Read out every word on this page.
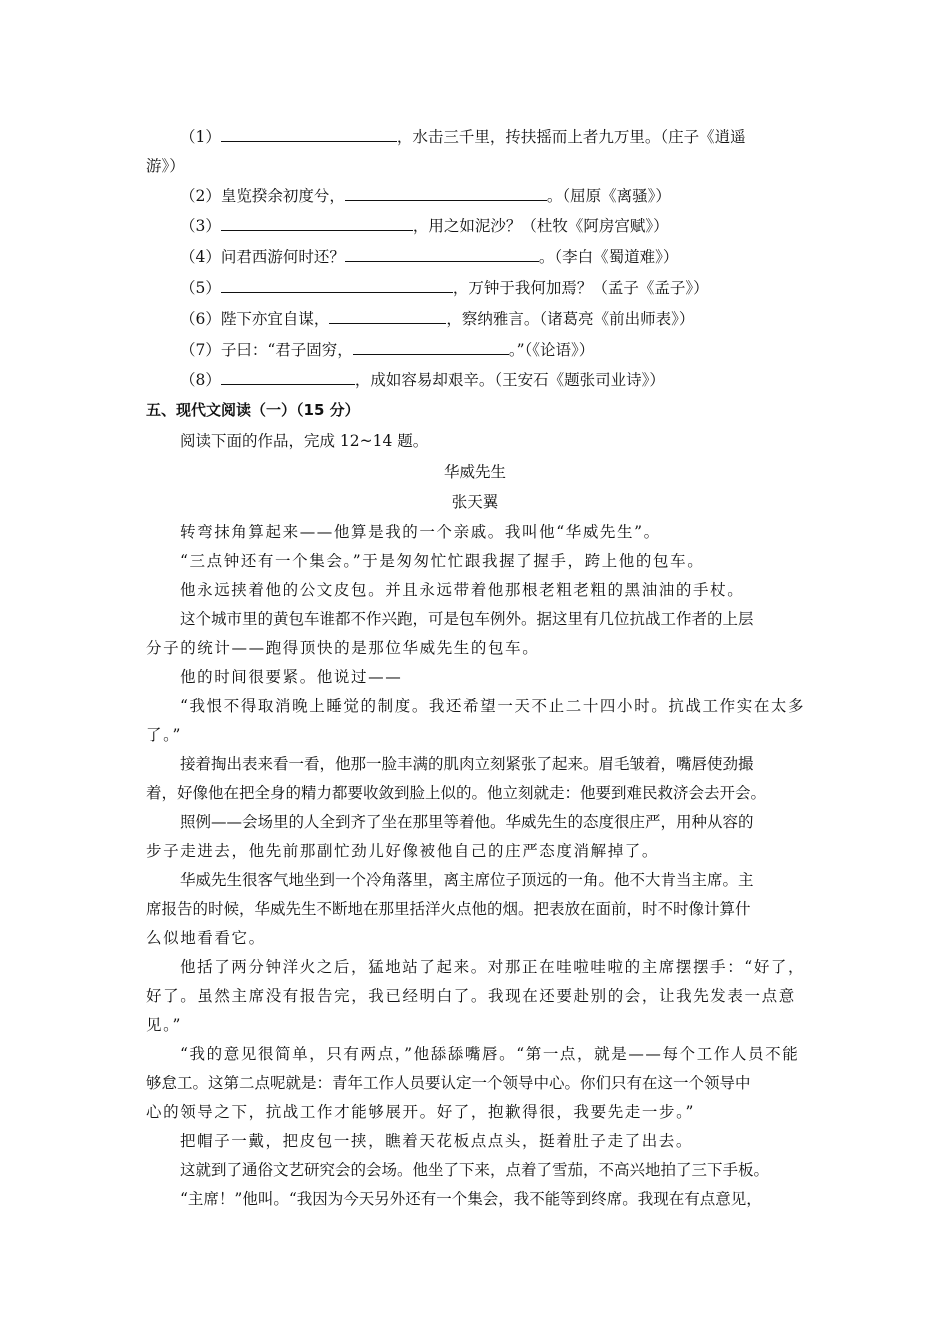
（1）	，水击三千里，抟扶摇而上者九万里。（庄子《逍遥
游》）
（2）皇览揆余初度兮，	。（屈原《离骚》）
（3）	，用之如泥沙？（杜牧《阿房宫赋》）
（4）问君西游何时还？	。（李白《蜀道难》）
（5）	，万钟于我何加焉？（孟子《孟子》）
（6）陛下亦宜自谋，	，察纳雅言。（诸葛亮《前出师表》）
（7）子曰：“君子固穷，	。”（《论语》）
（8）	，成如容易却艰辛。（王安石《题张司业诗》）
五、现代文阅读（一）（15 分）
阅读下面的作品，完成 12~14 题。
华威先生
张天翼
转弯抹角算起来——他算是我的一个亲戚。我叫他“华威先生”。
“三点钟还有一个集会。”于是匆匆忙忙跟我握了握手，跨上他的包车。
他永远挟着他的公文皮包。并且永远带着他那根老粗老粗的黑油油的手杖。
这个城市里的黄包车谁都不作兴跑，可是包车例外。据这里有几位抗战工作者的上层
分子的统计——跑得顶快的是那位华威先生的包车。
他的时间很要紧。他说过——
“我恨不得取消晚上睡觉的制度。我还希望一天不止二十四小时。抗战工作实在太多
了。”
接着掏出表来看一看，他那一脸丰满的肌肉立刻紧张了起来。眉毛皱着，嘴唇使劲撮
着，好像他在把全身的精力都要收敛到脸上似的。他立刻就走：他要到难民救济会去开会。
照例——会场里的人全到齐了坐在那里等着他。华威先生的态度很庄严，用种从容的
步子走进去，他先前那副忙劲儿好像被他自己的庄严态度消解掉了。
华威先生很客气地坐到一个冷角落里，离主席位子顶远的一角。他不大肯当主席。主
席报告的时候，华威先生不断地在那里括洋火点他的烟。把表放在面前，时不时像计算什
么似地看看它。
他括了两分钟洋火之后，猛地站了起来。对那正在哇啦哇啦的主席摆摆手：“好了，
好了。虽然主席没有报告完，我已经明白了。我现在还要赴别的会，让我先发表一点意
见。”
“我的意见很简单，只有两点，”他舔舔嘴唇。“第一点，就是——每个工作人员不能
够怠工。这第二点呢就是：青年工作人员要认定一个领导中心。你们只有在这一个领导中
心的领导之下，抗战工作才能够展开。好了，抱歉得很，我要先走一步。”
把帽子一戴，把皮包一挟，瞧着天花板点点头，挺着肚子走了出去。
这就到了通俗文艺研究会的会场。他坐了下来，点着了雪茄，不高兴地拍了三下手板。
“主席！”他叫。“我因为今天另外还有一个集会，我不能等到终席。我现在有点意见，
